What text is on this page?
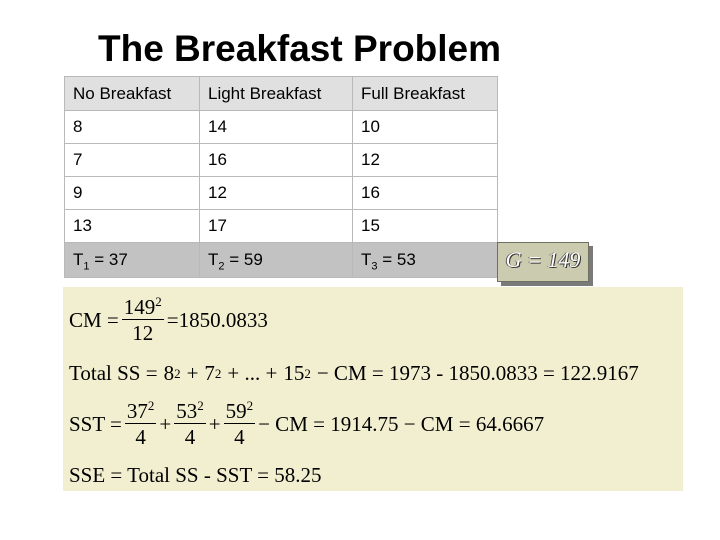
The Breakfast Problem
No Breakfast	Light Breakfast	Full Breakfast
8	14	10
7	16	12
9	12	16
13	17	15
$T_1 = 37$	$T_2 = 59$	$T_3 = 53$	G = 149
CM = $\frac{149^2}{12} =1850.0833$
Total SS = 8 2 + 7 2 + ... + 15 2 − CM = 1973 - 1850.0833 = 122.9167
SST = $\frac{37^2}{4} + \frac{53^2}{4} + \frac{59^2}{4}$ − CM = 1914.75 − CM = 64.6667
SSE = Total SS - SST = 58.25
